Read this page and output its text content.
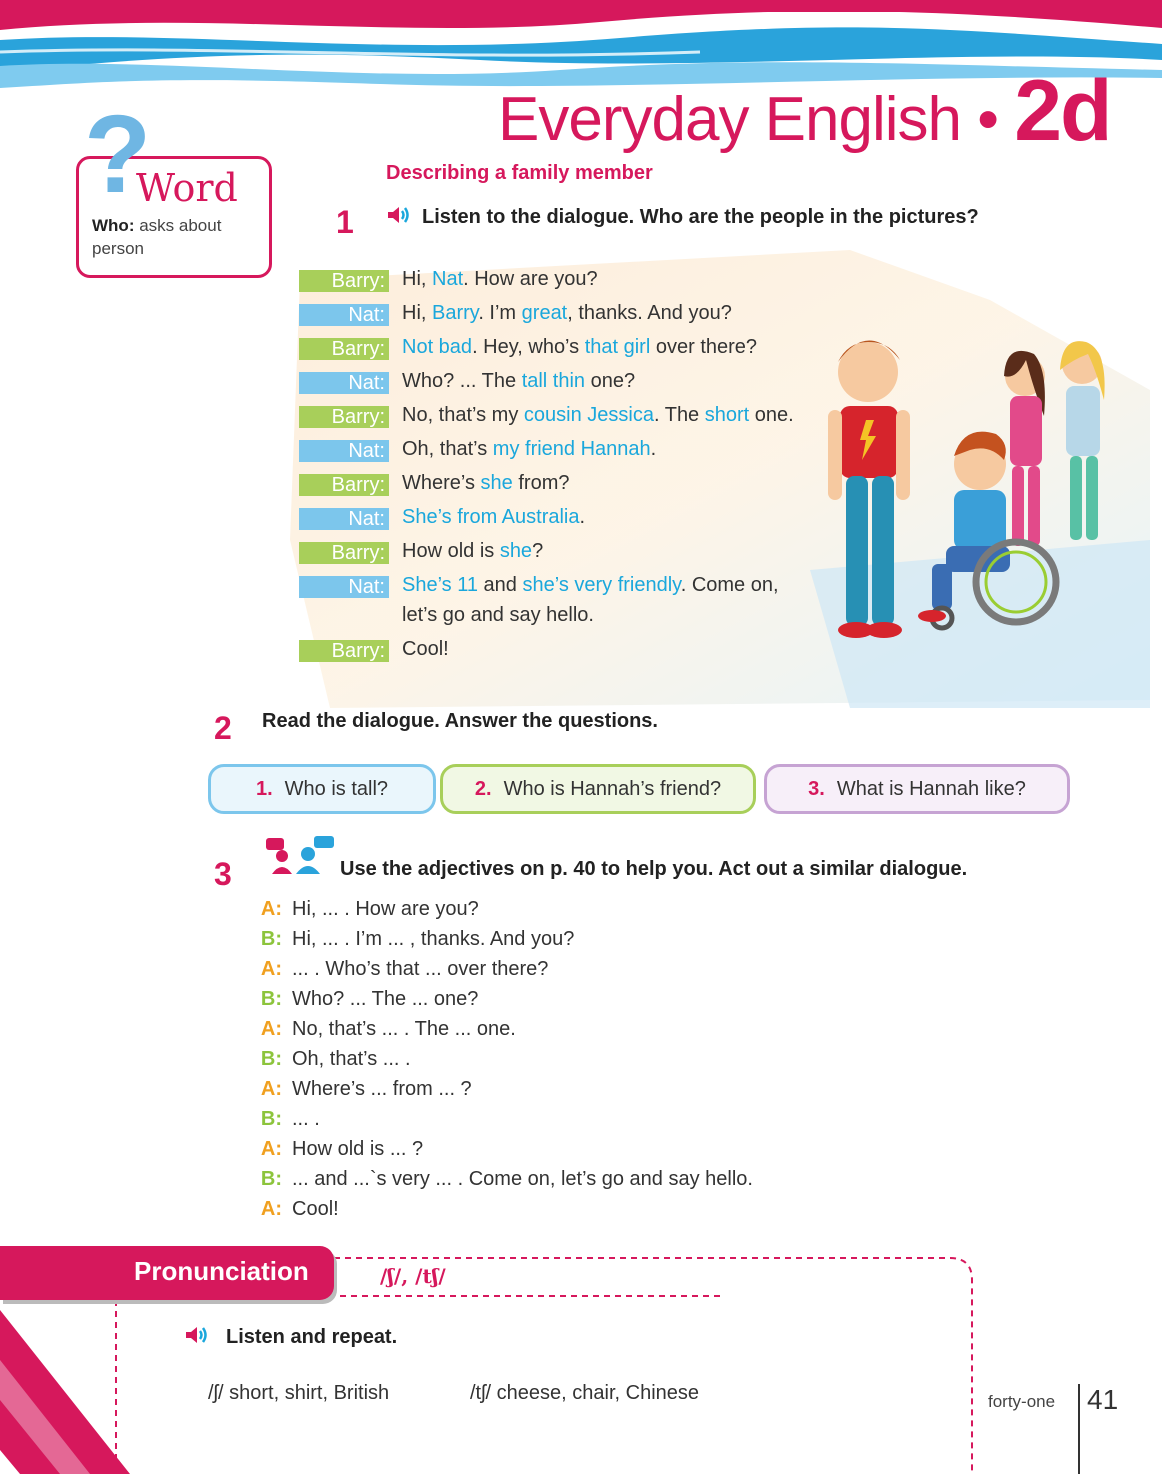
Everyday English • 2d
?
Word
Who: asks about person
Describing a family member
1	Listen to the dialogue. Who are the people in the pictures?
Barry: Hi, Nat. How are you?
Nat: Hi, Barry. I’m great, thanks. And you?
Barry: Not bad. Hey, who’s that girl over there?
Nat: Who? ... The tall thin one?
Barry: No, that’s my cousin Jessica. The short one.
Nat: Oh, that’s my friend Hannah.
Barry: Where’s she from?
Nat: She’s from Australia.
Barry: How old is she?
Nat: She’s 11 and she’s very friendly. Come on,
let’s go and say hello.
Barry: Cool!
2 Read the dialogue. Answer the questions.
1. Who is tall?	2. Who is Hannah’s friend?	3. What is Hannah like?
3	Use the adjectives on p. 40 to help you. Act out a similar dialogue.
A: Hi, ... . How are you?
B: Hi, ... . I’m ... , thanks. And you?
A: ... . Who’s that ... over there?
B: Who? ... The ... one?
A: No, that’s ... . The ... one.
B: Oh, that’s ... .
A: Where’s ... from ... ?
B: ... .
A: How old is ... ?
B: ... and ...`s very ... . Come on, let’s go and say hello.
A: Cool!
Pronunciation	/ʃ/, /tʃ/
Listen and repeat.
/ʃ/ short, shirt, British	/tʃ/ cheese, chair, Chinese	forty-one 41
